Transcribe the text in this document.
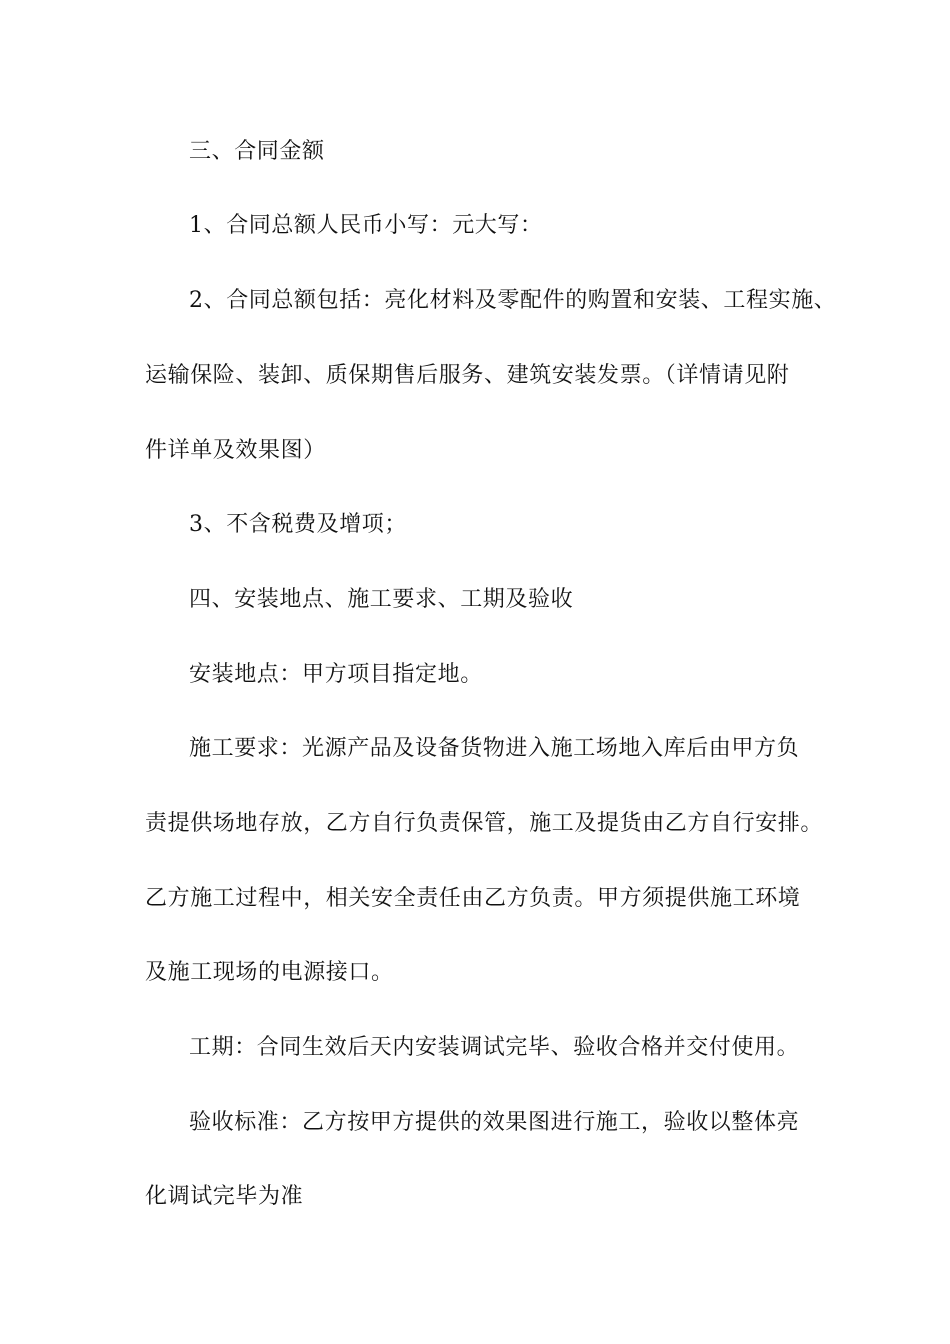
三、合同金额
1、合同总额人民币小写：元大写：
2、合同总额包括：亮化材料及零配件的购置和安装、工程实施、
运输保险、装卸、质保期售后服务、建筑安装发票。（详情请见附
件详单及效果图）
3、不含税费及增项；
四、安装地点、施工要求、工期及验收
安装地点：甲方项目指定地。
施工要求：光源产品及设备货物进入施工场地入库后由甲方负
责提供场地存放，乙方自行负责保管，施工及提货由乙方自行安排。
乙方施工过程中，相关安全责任由乙方负责。甲方须提供施工环境
及施工现场的电源接口。
工期：合同生效后天内安装调试完毕、验收合格并交付使用。
验收标准：乙方按甲方提供的效果图进行施工，验收以整体亮
化调试完毕为准
